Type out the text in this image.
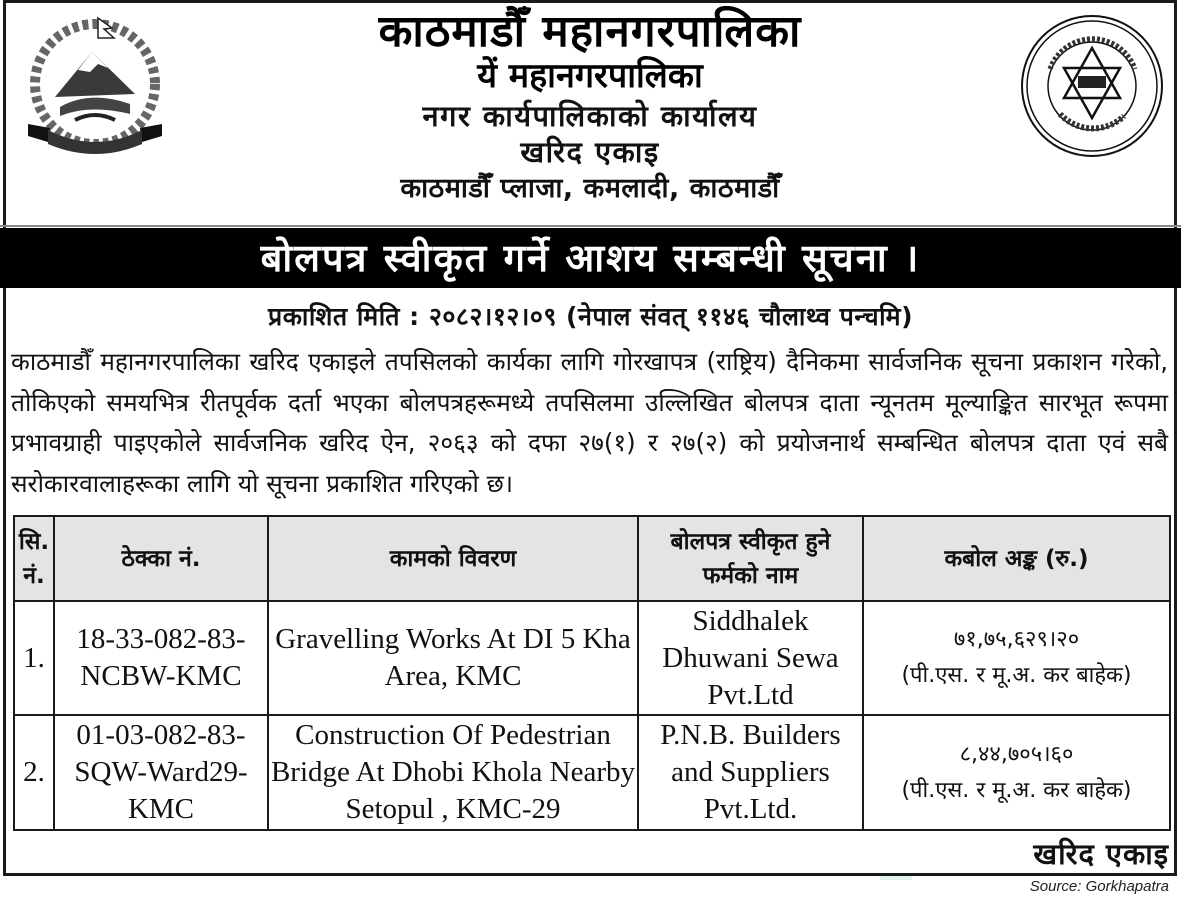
काठमाडौँ महानगरपालिका
यें महानगरपालिका
नगर कार्यपालिकाको कार्यालय
खरिद एकाइ
काठमाडौँ प्लाजा, कमलादी, काठमाडौँ
बोलपत्र स्वीकृत गर्ने आशय सम्बन्धी सूचना ।
प्रकाशित मिति : २०८२।१२।०९ (नेपाल संवत् ११४६ चौलाथ्व पन्चमि)

काठमाडौँ महानगरपालिका खरिद एकाइले तपसिलको कार्यका लागि गोरखापत्र (राष्ट्रिय) दैनिकमा सार्वजनिक सूचना प्रकाशन गरेको, तोकिएको समयभित्र रीतपूर्वक दर्ता भएका बोलपत्रहरूमध्ये तपसिलमा उल्लिखित बोलपत्र दाता न्यूनतम मूल्याङ्कित सारभूत रूपमा प्रभावग्राही पाइएकोले सार्वजनिक खरिद ऐन, २०६३ को दफा २७(१) र २७(२) को प्रयोजनार्थ सम्बन्धित बोलपत्र दाता एवं सबै सरोकारवालाहरूका लागि यो सूचना प्रकाशित गरिएको छ।

सि. नं.	ठेक्का नं.	कामको विवरण	बोलपत्र स्वीकृत हुने फर्मको नाम	कबोल अङ्क (रु.)
1.	18-33-082-83-NCBW-KMC	Gravelling Works At DI 5 Kha Area, KMC	Siddhalek Dhuwani Sewa Pvt.Ltd	७१,७५,६२९।२०
(पी.एस. र मू.अ. कर बाहेक)

2.	01-03-082-83-SQW-Ward29-KMC	Construction Of Pedestrian Bridge At Dhobi Khola Nearby Setopul , KMC-29	P.N.B. Builders and Suppliers Pvt.Ltd.	८,४४,७०५।६०
(पी.एस. र मू.अ. कर बाहेक)
खरिद एकाइ
Source: Gorkhapatra
